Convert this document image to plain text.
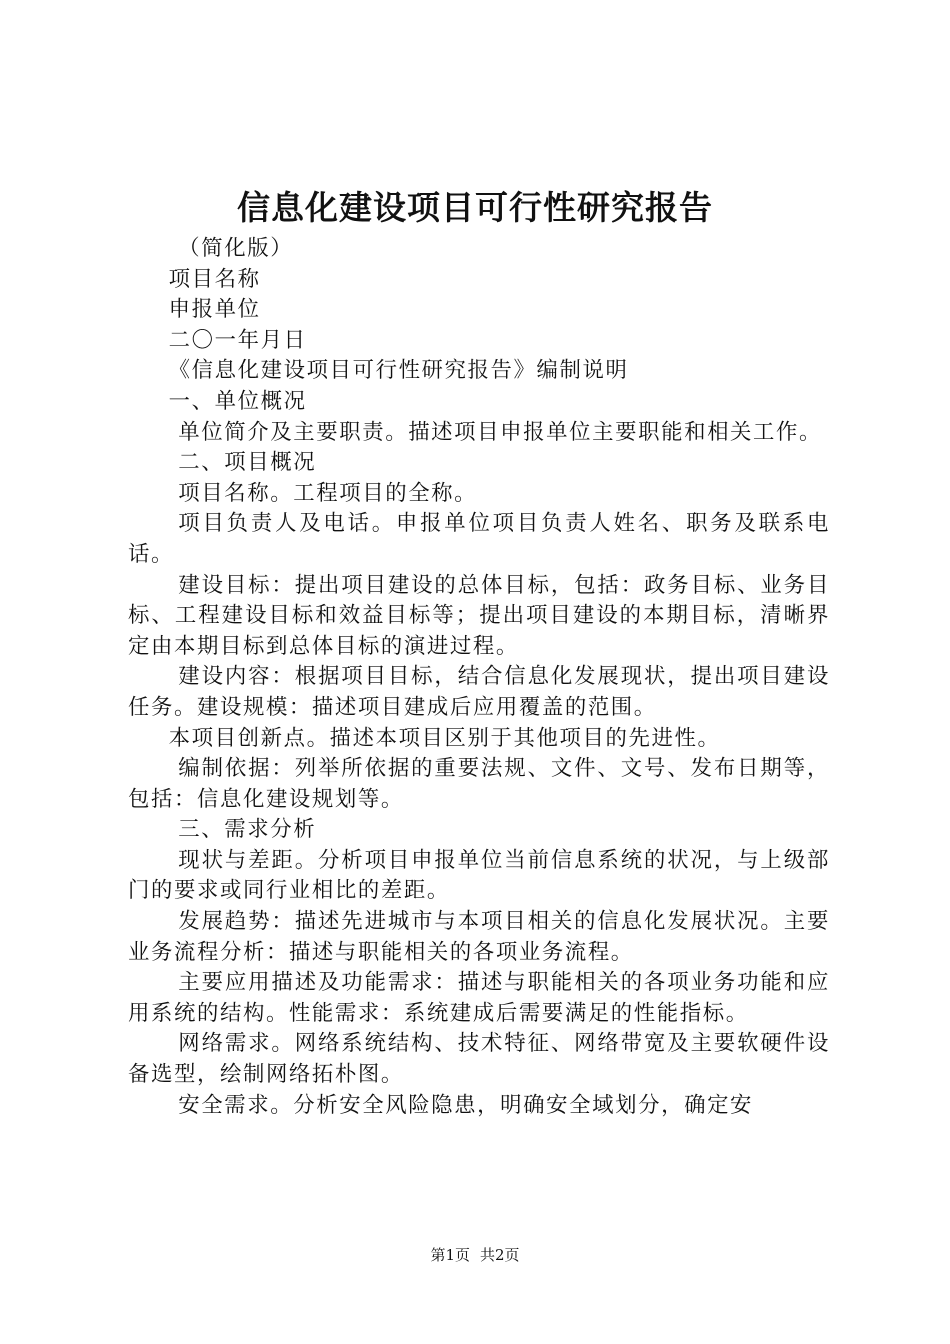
信息化建设项目可行性研究报告

（简化版）

项目名称

申报单位

二〇一年月日

《信息化建设项目可行性研究报告》编制说明

一、单位概况

单位简介及主要职责。描述项目申报单位主要职能和相关工作。

二、项目概况

项目名称。工程项目的全称。

项目负责人及电话。申报单位项目负责人姓名、职务及联系电话。

建设目标：提出项目建设的总体目标，包括：政务目标、业务目标、工程建设目标和效益目标等；提出项目建设的本期目标，清晰界定由本期目标到总体目标的演进过程。

建设内容：根据项目目标，结合信息化发展现状，提出项目建设任务。建设规模：描述项目建成后应用覆盖的范围。

本项目创新点。描述本项目区别于其他项目的先进性。

编制依据：列举所依据的重要法规、文件、文号、发布日期等，包括：信息化建设规划等。

三、需求分析

现状与差距。分析项目申报单位当前信息系统的状况，与上级部门的要求或同行业相比的差距。

发展趋势：描述先进城市与本项目相关的信息化发展状况。主要业务流程分析：描述与职能相关的各项业务流程。

主要应用描述及功能需求：描述与职能相关的各项业务功能和应用系统的结构。性能需求：系统建成后需要满足的性能指标。

网络需求。网络系统结构、技术特征、网络带宽及主要软硬件设备选型，绘制网络拓朴图。

安全需求。分析安全风险隐患，明确安全域划分，确定安

第1页 共2页
